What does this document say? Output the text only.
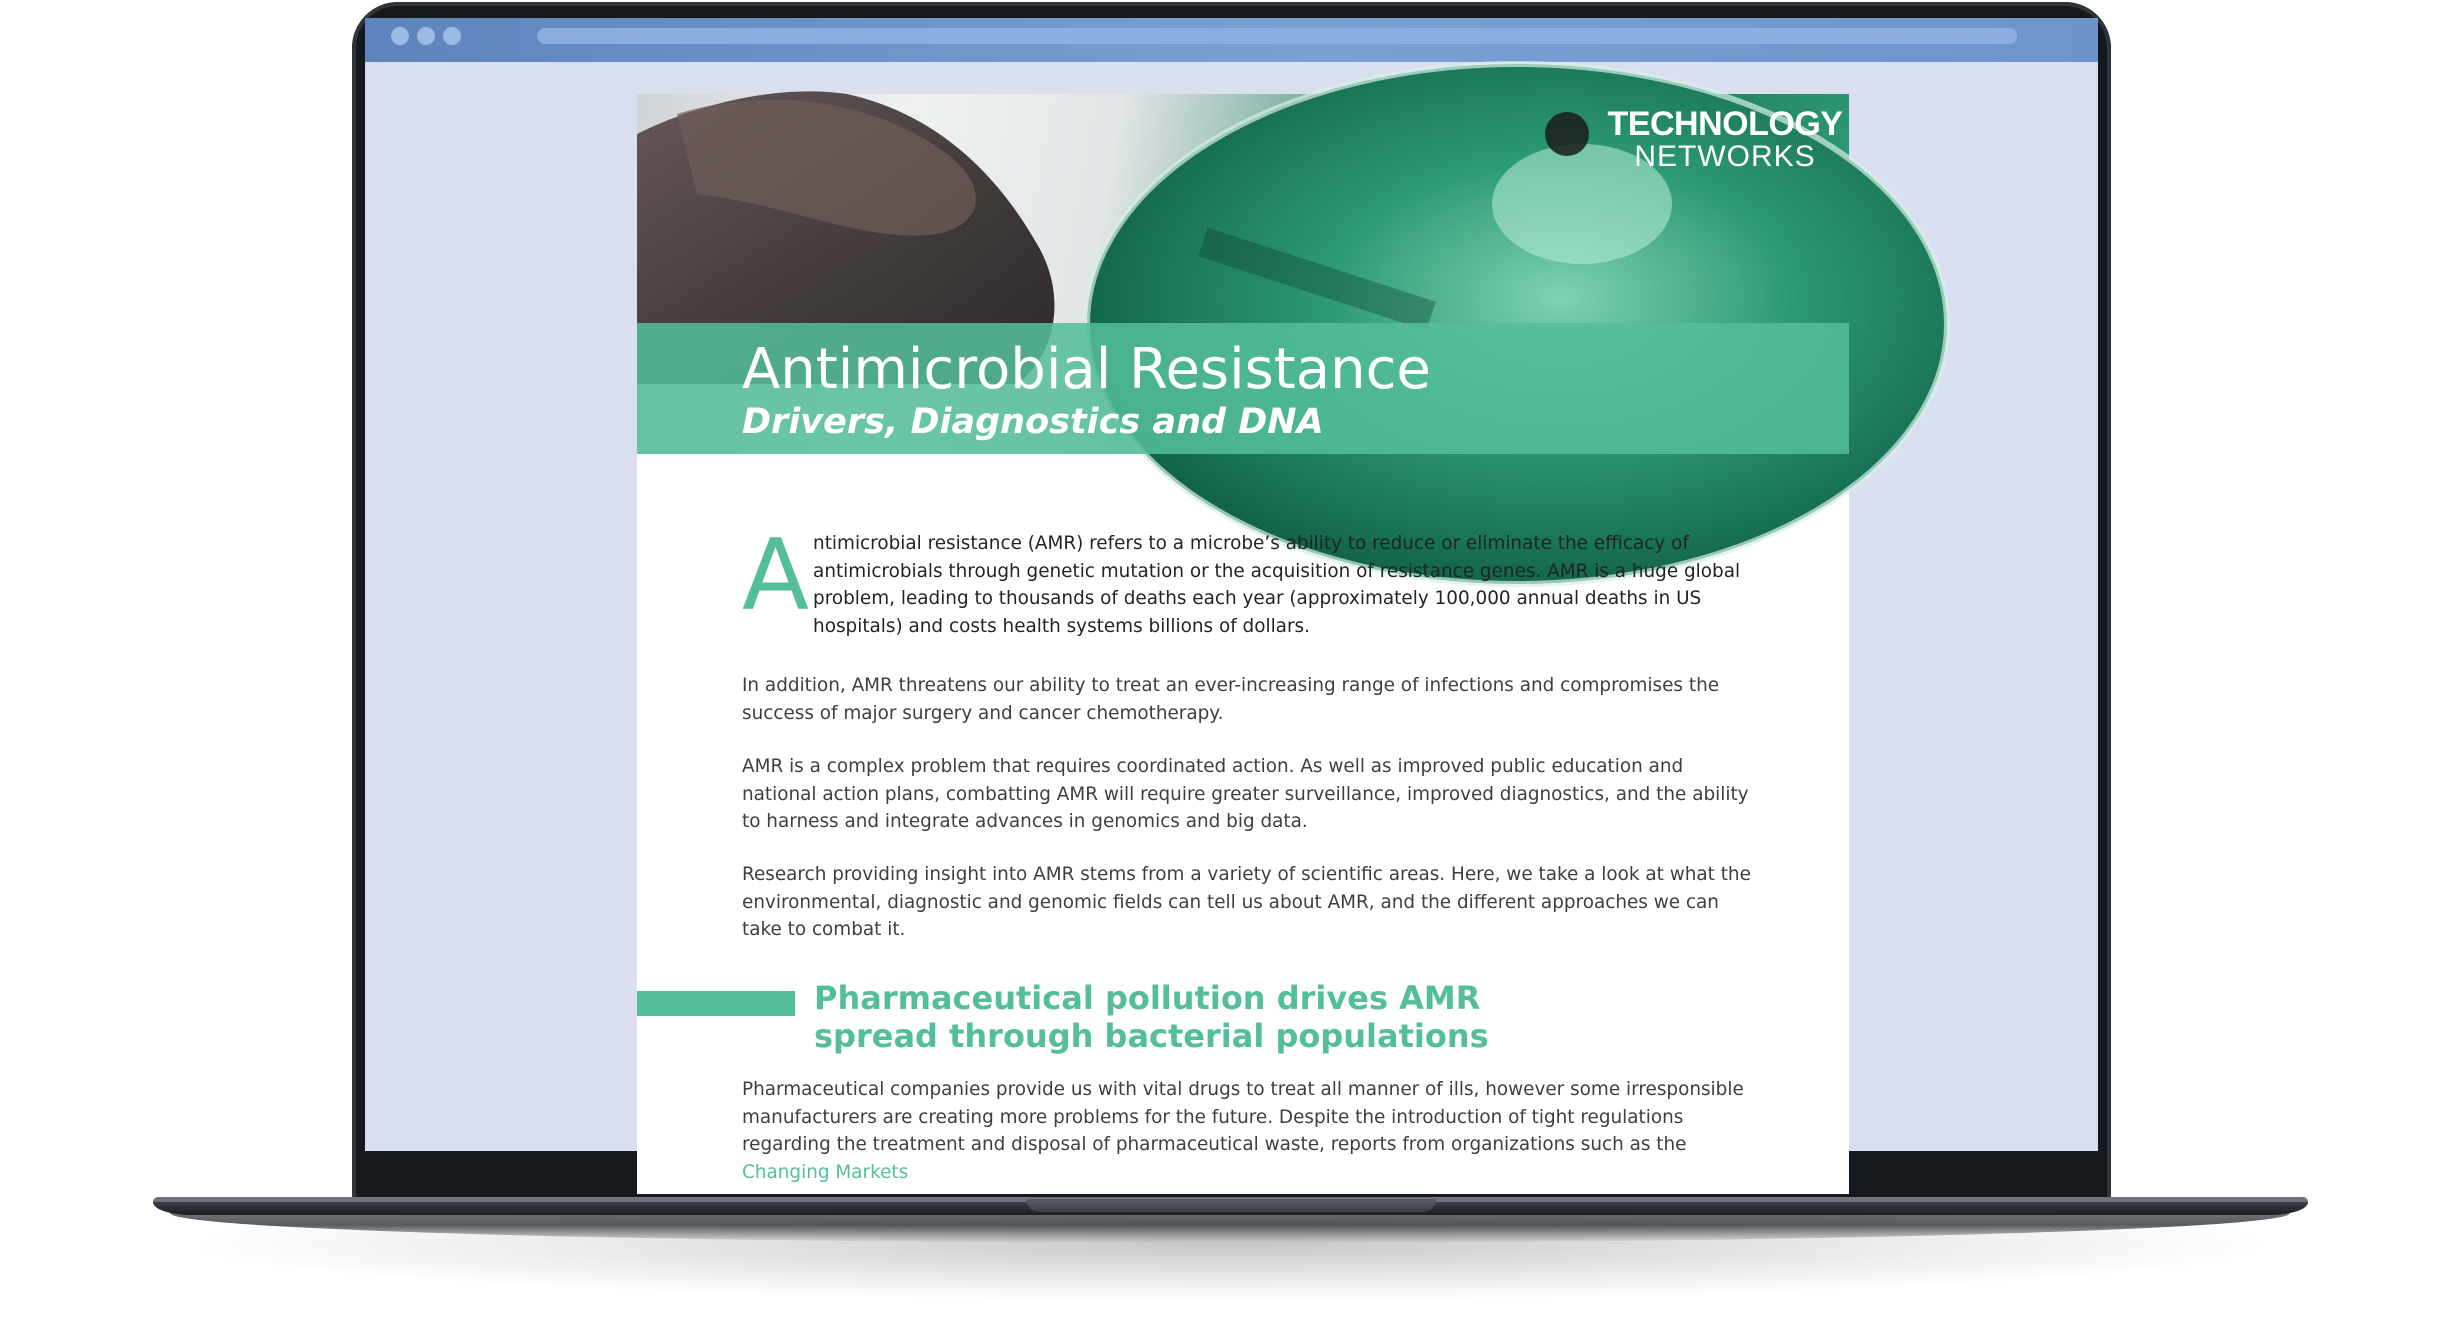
TECHNOLOGY
NETWORKS
Antimicrobial Resistance
Drivers, Diagnostics and DNA
Antimicrobial resistance (AMR) refers to a microbe’s ability to reduce or eliminate the efficacy of antimicrobials through genetic mutation or the acquisition of resistance genes. AMR is a huge global problem, leading to thousands of deaths each year (approximately 100,000 annual deaths in US hospitals) and costs health systems billions of dollars.
In addition, AMR threatens our ability to treat an ever-increasing range of infections and compromises the success of major surgery and cancer chemotherapy.
AMR is a complex problem that requires coordinated action. As well as improved public education and national action plans, combatting AMR will require greater surveillance, improved diagnostics, and the ability to harness and integrate advances in genomics and big data.
Research providing insight into AMR stems from a variety of scientific areas. Here, we take a look at what the environmental, diagnostic and genomic fields can tell us about AMR, and the different approaches we can take to combat it.
Pharmaceutical pollution drives AMR spread through bacterial populations
Pharmaceutical companies provide us with vital drugs to treat all manner of ills, however some irresponsible manufacturers are creating more problems for the future. Despite the introduction of tight regulations regarding the treatment and disposal of pharmaceutical waste, reports from organizations such as the Changing Markets
